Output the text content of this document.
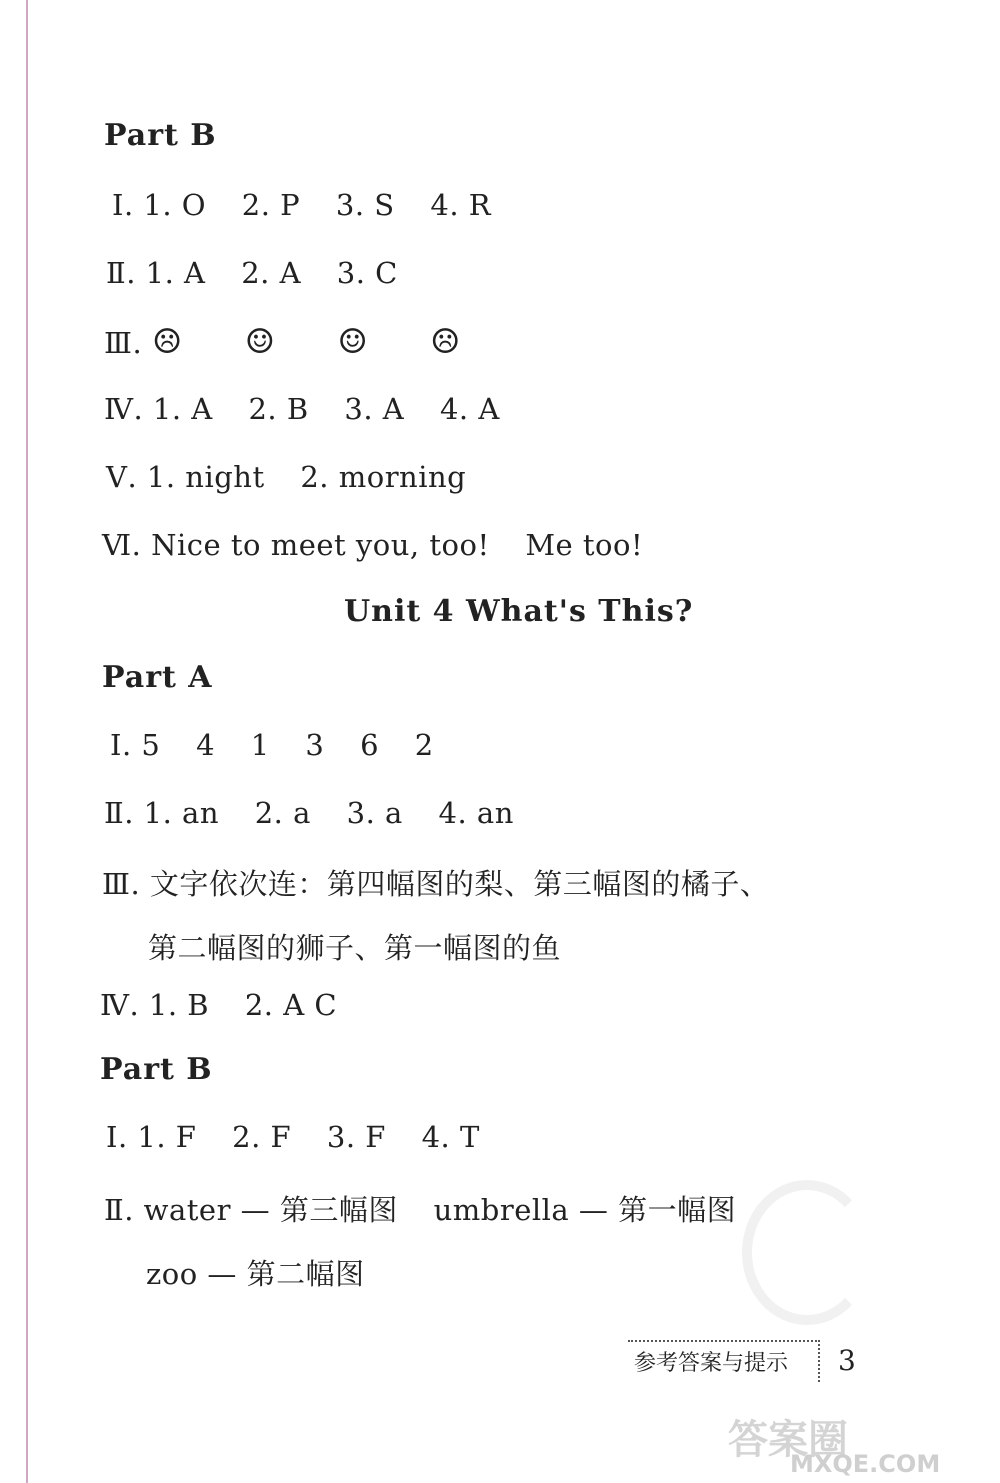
Part B
Ⅰ. 1. O 2. P 3. S 4. R
Ⅱ. 1. A 2. A 3. C
Ⅲ. ☹ ☺ ☺ ☹
Ⅳ. 1. A 2. B 3. A 4. A
Ⅴ. 1. night 2. morning
Ⅵ. Nice to meet you, too! Me too!
Unit 4 What's This?
Part A
Ⅰ. 5 4 1 3 6 2
Ⅱ. 1. an 2. a 3. a 4. an
Ⅲ. 文字依次连：第四幅图的梨、第三幅图的橘子、
第二幅图的狮子、第一幅图的鱼
Ⅳ. 1. B 2. A C
Part B
Ⅰ. 1. F 2. F 3. F 4. T
Ⅱ. water — 第三幅图 umbrella — 第一幅图
zoo — 第二幅图
参考答案与提示 3
答案圈
MXQE.COM
